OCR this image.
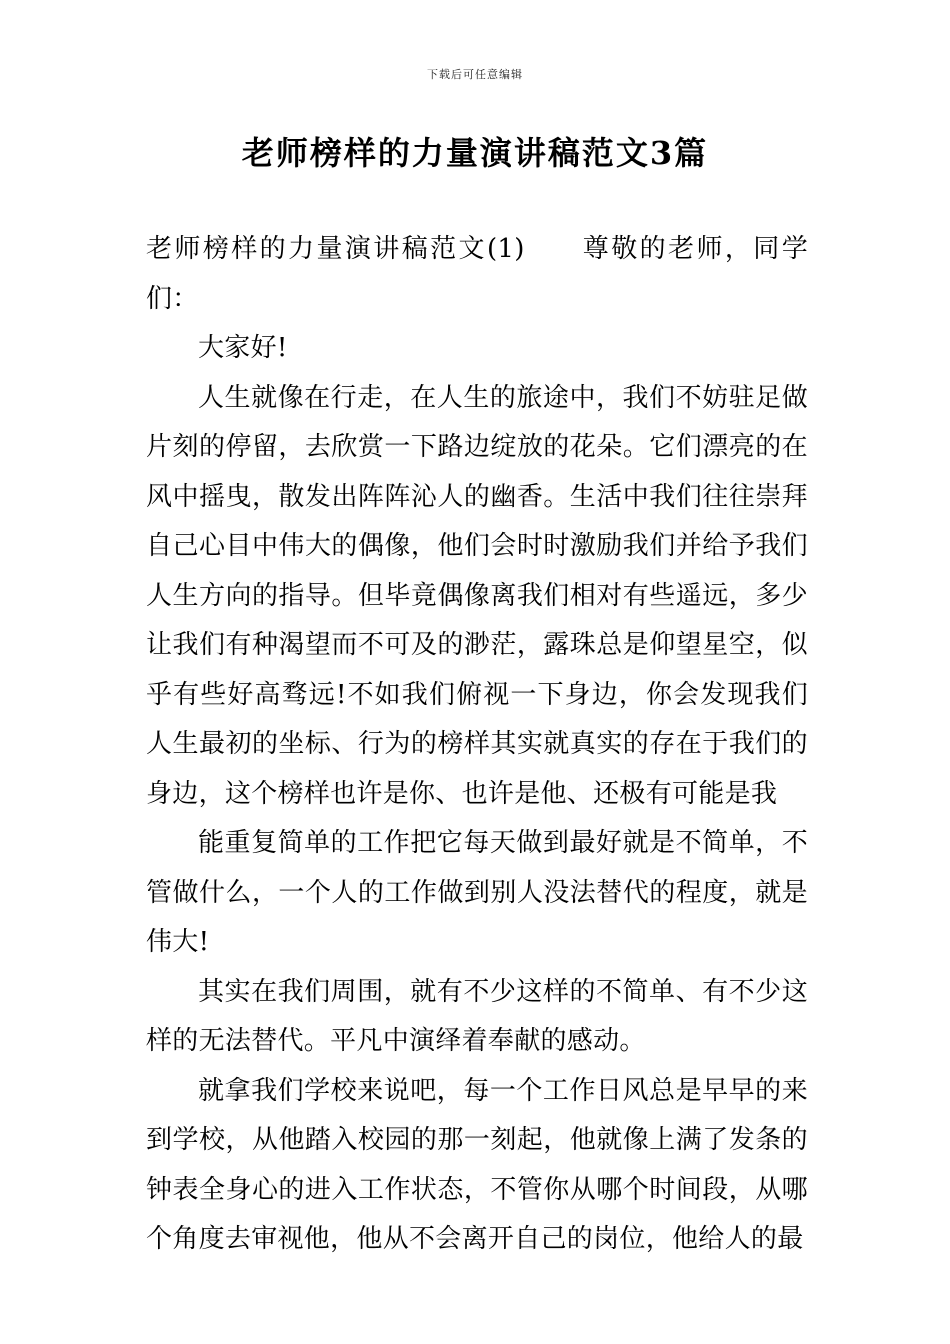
下载后可任意编辑
老师榜样的力量演讲稿范文3篇

老师榜样的力量演讲稿范文(1) 尊敬的老师，同学们：

大家好!

人生就像在行走，在人生的旅途中，我们不妨驻足做片刻的停留，去欣赏一下路边绽放的花朵。它们漂亮的在风中摇曳，散发出阵阵沁人的幽香。生活中我们往往崇拜自己心目中伟大的偶像，他们会时时激励我们并给予我们人生方向的指导。但毕竟偶像离我们相对有些遥远，多少让我们有种渴望而不可及的渺茫，露珠总是仰望星空，似乎有些好高骛远!不如我们俯视一下身边，你会发现我们人生最初的坐标、行为的榜样其实就真实的存在于我们的身边，这个榜样也许是你、也许是他、还极有可能是我

能重复简单的工作把它每天做到最好就是不简单，不管做什么，一个人的工作做到别人没法替代的程度，就是伟大!

其实在我们周围，就有不少这样的不简单、有不少这样的无法替代。平凡中演绎着奉献的感动。

就拿我们学校来说吧，每一个工作日风总是早早的来到学校，从他踏入校园的那一刻起，他就像上满了发条的钟表全身心的进入工作状态，不管你从哪个时间段，从哪个角度去审视他，他从不会离开自己的岗位，他给人的最
